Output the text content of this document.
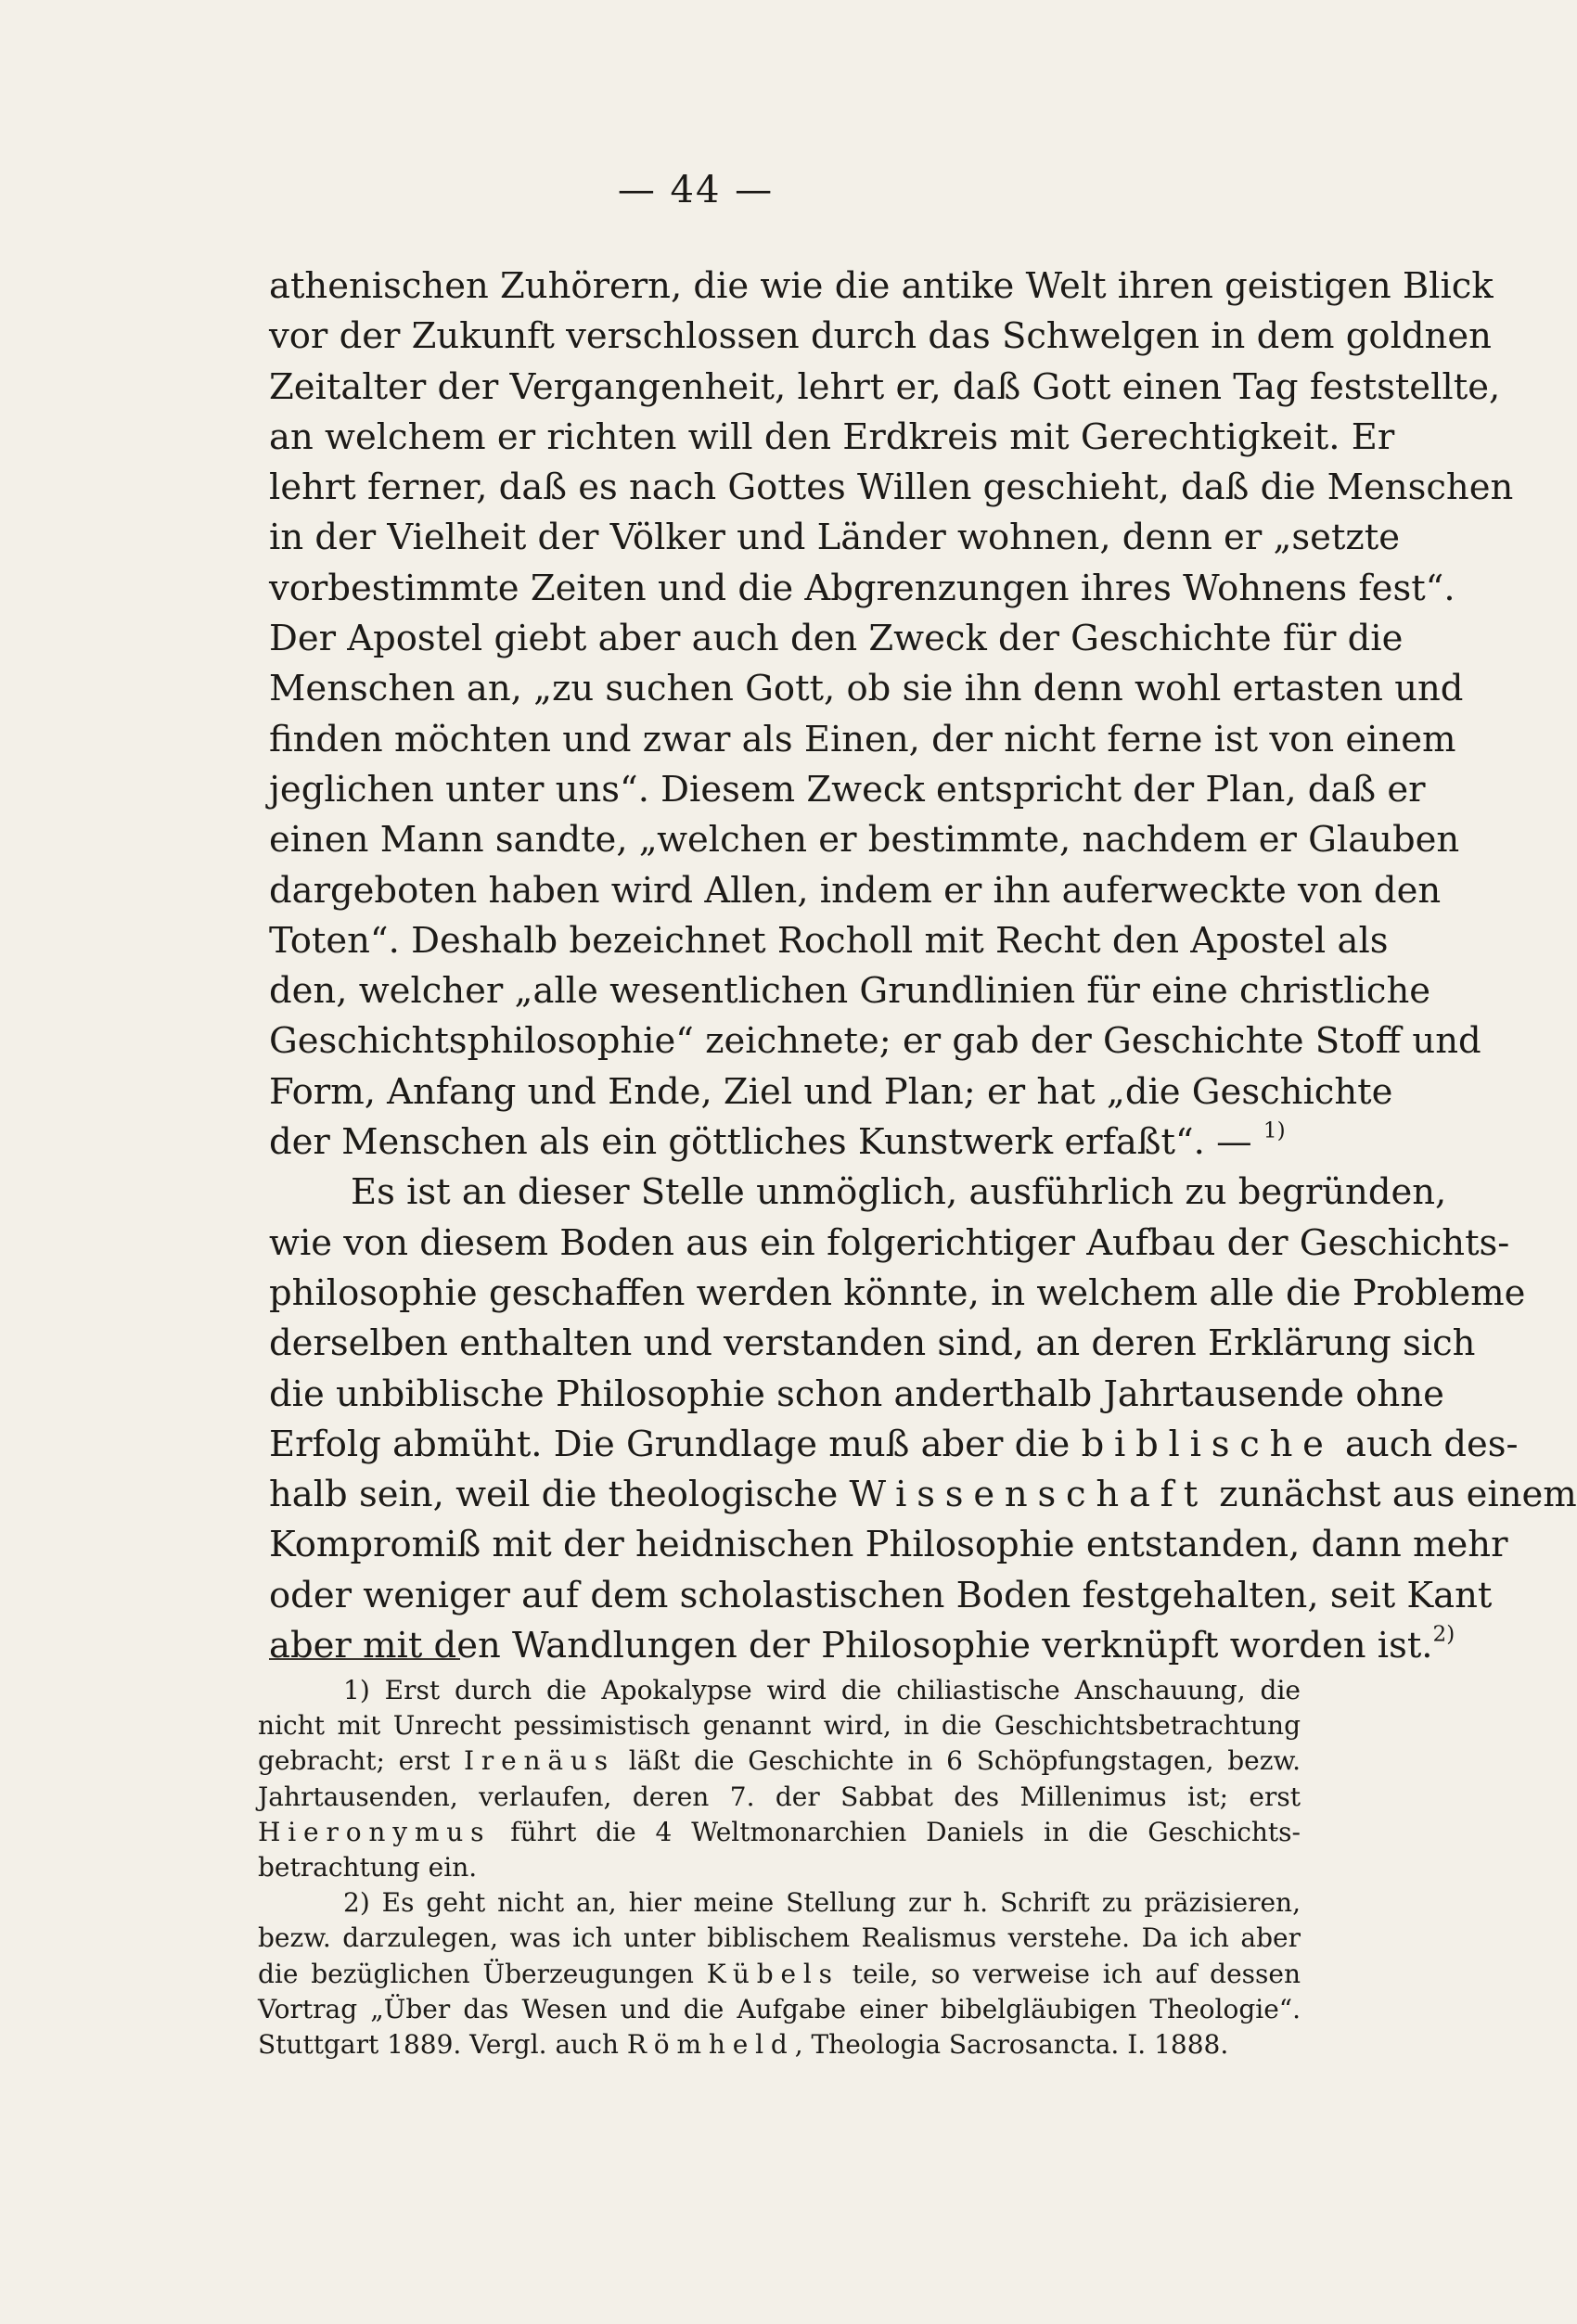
— 44 —
athenischen Zuhörern, die wie die antike Welt ihren geistigen Blick
vor der Zukunft verschlossen durch das Schwelgen in dem goldnen
Zeitalter der Vergangenheit, lehrt er, daß Gott einen Tag feststellte,
an welchem er richten will den Erdkreis mit Gerechtigkeit. Er
lehrt ferner, daß es nach Gottes Willen geschieht, daß die Menschen
in der Vielheit der Völker und Länder wohnen, denn er „setzte
vorbestimmte Zeiten und die Abgrenzungen ihres Wohnens fest“.
Der Apostel giebt aber auch den Zweck der Geschichte für die
Menschen an, „zu suchen Gott, ob sie ihn denn wohl ertasten und
finden möchten und zwar als Einen, der nicht ferne ist von einem
jeglichen unter uns“. Diesem Zweck entspricht der Plan, daß er
einen Mann sandte, „welchen er bestimmte, nachdem er Glauben
dargeboten haben wird Allen, indem er ihn auferweckte von den
Toten“. Deshalb bezeichnet Rocholl mit Recht den Apostel als
den, welcher „alle wesentlichen Grundlinien für eine christliche
Geschichtsphilosophie“ zeichnete; er gab der Geschichte Stoff und
Form, Anfang und Ende, Ziel und Plan; er hat „die Geschichte
der Menschen als ein göttliches Kunstwerk erfaßt“. — $^{1)}$
Es ist an dieser Stelle unmöglich, ausführlich zu begründen,
wie von diesem Boden aus ein folgerichtiger Aufbau der Geschichts-
philosophie geschaffen werden könnte, in welchem alle die Probleme
derselben enthalten und verstanden sind, an deren Erklärung sich
die unbiblische Philosophie schon anderthalb Jahrtausende ohne
Erfolg abmüht. Die Grundlage muß aber die biblische auch des-
halb sein, weil die theologische Wissenschaft zunächst aus einem
Kompromiß mit der heidnischen Philosophie entstanden, dann mehr
oder weniger auf dem scholastischen Boden festgehalten, seit Kant
aber mit den Wandlungen der Philosophie verknüpft worden ist.$^{2)}$
1) Erst durch die Apokalypse wird die chiliastische Anschauung, die
nicht mit Unrecht pessimistisch genannt wird, in die Geschichtsbetrachtung
gebracht; erst Irenäus läßt die Geschichte in 6 Schöpfungstagen, bezw.
Jahrtausenden, verlaufen, deren 7. der Sabbat des Millenimus ist; erst
Hieronymus führt die 4 Weltmonarchien Daniels in die Geschichts-
betrachtung ein.
2) Es geht nicht an, hier meine Stellung zur h. Schrift zu präzisieren,
bezw. darzulegen, was ich unter biblischem Realismus verstehe. Da ich aber
die bezüglichen Überzeugungen Kübels teile, so verweise ich auf dessen
Vortrag „Über das Wesen und die Aufgabe einer bibelgläubigen Theologie“.
Stuttgart 1889. Vergl. auch Römheld, Theologia Sacrosancta. I. 1888.
